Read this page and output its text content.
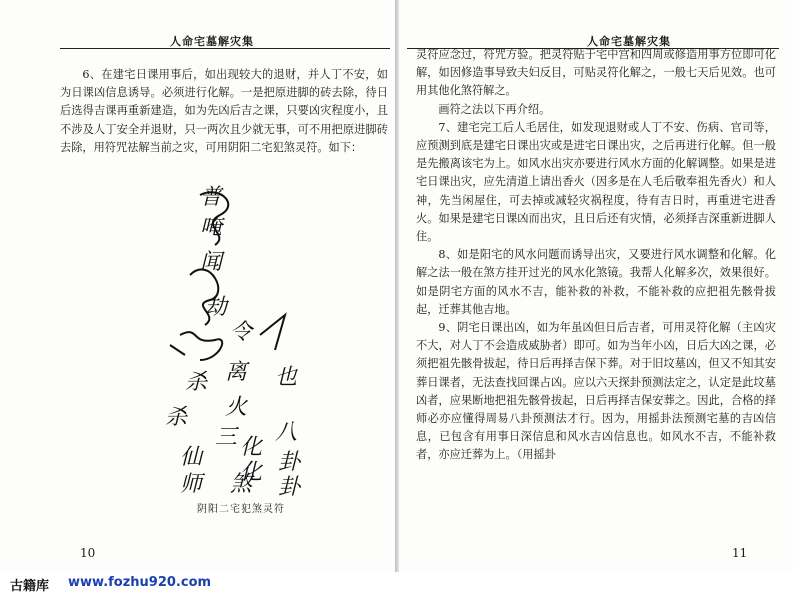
人命宅墓解灾集

6、在建宅日课用事后，如出现较大的退财，并人丁不安，如为日课凶信息诱导。必须进行化解。一是把原进脚的砖去除，待日后选得吉课再重新建造，如为先凶后吉之课，只要凶灾程度小，且不涉及人丁安全并退财，只一两次且少就无事，可不用把原进脚砖去除，用符咒祛解当前之灾，可用阴阳二宅犯煞灵符。如下：

普
唵
闻
劫
令
杀 离
火
也
杀
三 化
八
仙
化 卦
师 煞 卦
阴阳二宅犯煞灵符
10
人命宅墓解灾集

灵符应念过，符咒方验。把灵符贴于宅中宫和四周或修造用事方位即可化解，如因修造事导致夫妇反目，可贴灵符化解之，一般七天后见效。也可用其他化煞符解之。

画符之法以下再介绍。

7、建宅完工后人毛居住，如发现退财或人丁不安、伤病、官司等，应预测到底是建宅日课出灾或是进宅日课出灾，之后再进行化解。但一般是先搬离该宅为上。如风水出灾亦要进行风水方面的化解调整。如果是进宅日课出灾，应先清道上请出香火（因多是在人毛后敬奉祖先香火）和人神，先当闲屋住，可去掉或减轻灾祸程度，待有吉日时，再重进宅进香火。如果是建宅日课凶而出灾，且日后还有灾情，必须择吉深重新进脚人住。

8、如是阳宅的风水问题而诱导出灾，又要进行风水调整和化解。化解之法一般在煞方挂开过光的风水化煞镜。我帮人化解多次，效果很好。如是阴宅方面的风水不吉，能补救的补救，不能补救的应把祖先骸骨拔起，迁葬其他吉地。

9、阴宅日课出凶，如为年虽凶但日后吉者，可用灵符化解（主凶灾不大，对人丁不会造成威胁者）即可。如为当年小凶，日后大凶之课，必须把祖先骸骨拔起，待日后再择吉保下葬。对于旧坟墓凶，但又不知其安葬日课者，无法查找回课占凶。应以六天探卦预测法定之，认定是此坟墓凶者，应果断地把祖先骸骨拔起，日后再择吉保安葬之。因此，合格的择师必亦应懂得周易八卦预测法才行。因为，用摇卦法预测宅墓的吉凶信息，已包含有用事日深信息和风水吉凶信息也。如风水不吉，不能补救者，亦应迁葬为上。（用摇卦

11
古籍库 www.fozhu920.com
